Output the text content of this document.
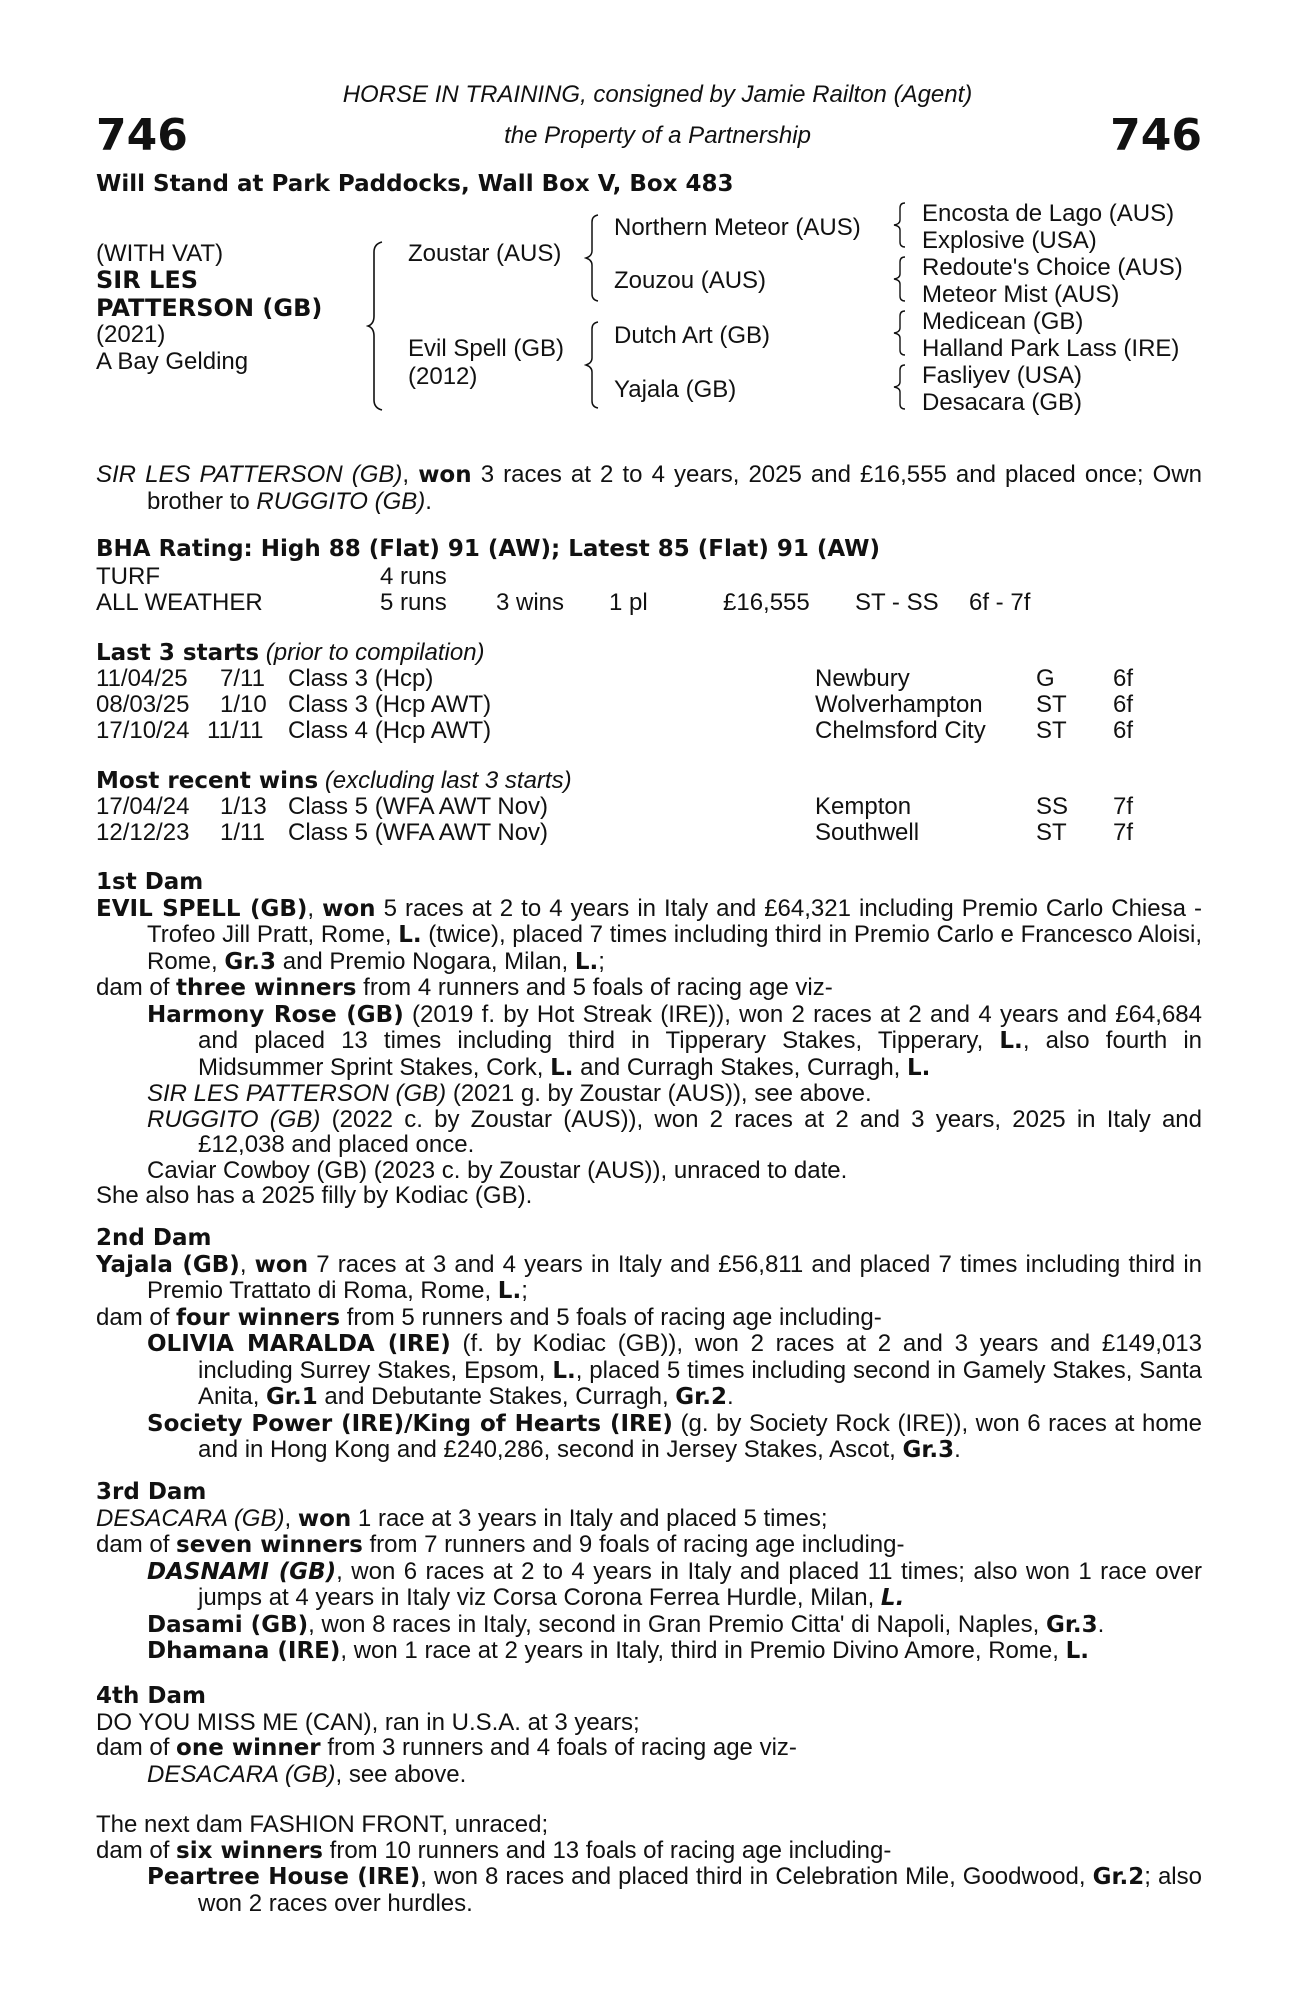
746	746
HORSE IN TRAINING, consigned by Jamie Railton (Agent)
the Property of a Partnership
Will Stand at Park Paddocks, Wall Box V, Box 483
(WITH VAT)
SIR LES
PATTERSON (GB)
(2021)
A Bay Gelding
Zoustar (AUS)
Evil Spell (GB)
(2012)
Northern Meteor (AUS)
Zouzou (AUS)
Dutch Art (GB)
Yajala (GB)
Encosta de Lago (AUS)
Explosive (USA)
Redoute's Choice (AUS)
Meteor Mist (AUS)
Medicean (GB)
Halland Park Lass (IRE)
Fasliyev (USA)
Desacara (GB)
SIR LES PATTERSON (GB), won 3 races at 2 to 4 years, 2025 and £16,555 and placed once; Own brother to RUGGITO (GB).
BHA Rating: High 88 (Flat) 91 (AW); Latest 85 (Flat) 91 (AW)
TURF	4 runs
ALL WEATHER	5 runs 3 wins 1 pl	£16,555 ST - SS 6f - 7f
Last 3 starts (prior to compilation)
11/04/25 7/11 Class 3 (Hcp)	Newbury	G 6f
08/03/25 1/10 Class 3 (Hcp AWT)	Wolverhampton ST 6f
17/10/24 11/11 Class 4 (Hcp AWT)	Chelmsford City ST 6f
Most recent wins (excluding last 3 starts)
17/04/24 1/13 Class 5 (WFA AWT Nov)	Kempton	SS 7f
12/12/23 1/11 Class 5 (WFA AWT Nov)	Southwell	ST 7f
1st Dam
EVIL SPELL (GB), won 5 races at 2 to 4 years in Italy and £64,321 including Premio Carlo Chiesa - Trofeo Jill Pratt, Rome, L. (twice), placed 7 times including third in Premio Carlo e Francesco Aloisi, Rome, Gr.3 and Premio Nogara, Milan, L.;
dam of three winners from 4 runners and 5 foals of racing age viz-
Harmony Rose (GB) (2019 f. by Hot Streak (IRE)), won 2 races at 2 and 4 years and £64,684 and placed 13 times including third in Tipperary Stakes, Tipperary, L., also fourth in Midsummer Sprint Stakes, Cork, L. and Curragh Stakes, Curragh, L.
SIR LES PATTERSON (GB) (2021 g. by Zoustar (AUS)), see above.
RUGGITO (GB) (2022 c. by Zoustar (AUS)), won 2 races at 2 and 3 years, 2025 in Italy and £12,038 and placed once.
Caviar Cowboy (GB) (2023 c. by Zoustar (AUS)), unraced to date.
She also has a 2025 filly by Kodiac (GB).
2nd Dam
Yajala (GB), won 7 races at 3 and 4 years in Italy and £56,811 and placed 7 times including third in Premio Trattato di Roma, Rome, L.;
dam of four winners from 5 runners and 5 foals of racing age including-
OLIVIA MARALDA (IRE) (f. by Kodiac (GB)), won 2 races at 2 and 3 years and £149,013 including Surrey Stakes, Epsom, L., placed 5 times including second in Gamely Stakes, Santa Anita, Gr.1 and Debutante Stakes, Curragh, Gr.2.
Society Power (IRE)/King of Hearts (IRE) (g. by Society Rock (IRE)), won 6 races at home and in Hong Kong and £240,286, second in Jersey Stakes, Ascot, Gr.3.
3rd Dam
DESACARA (GB), won 1 race at 3 years in Italy and placed 5 times;
dam of seven winners from 7 runners and 9 foals of racing age including-
DASNAMI (GB), won 6 races at 2 to 4 years in Italy and placed 11 times; also won 1 race over jumps at 4 years in Italy viz Corsa Corona Ferrea Hurdle, Milan, L.
Dasami (GB), won 8 races in Italy, second in Gran Premio Citta' di Napoli, Naples, Gr.3.
Dhamana (IRE), won 1 race at 2 years in Italy, third in Premio Divino Amore, Rome, L.
4th Dam
DO YOU MISS ME (CAN), ran in U.S.A. at 3 years;
dam of one winner from 3 runners and 4 foals of racing age viz-
DESACARA (GB), see above.
The next dam FASHION FRONT, unraced;
dam of six winners from 10 runners and 13 foals of racing age including-
Peartree House (IRE), won 8 races and placed third in Celebration Mile, Goodwood, Gr.2; also won 2 races over hurdles.
